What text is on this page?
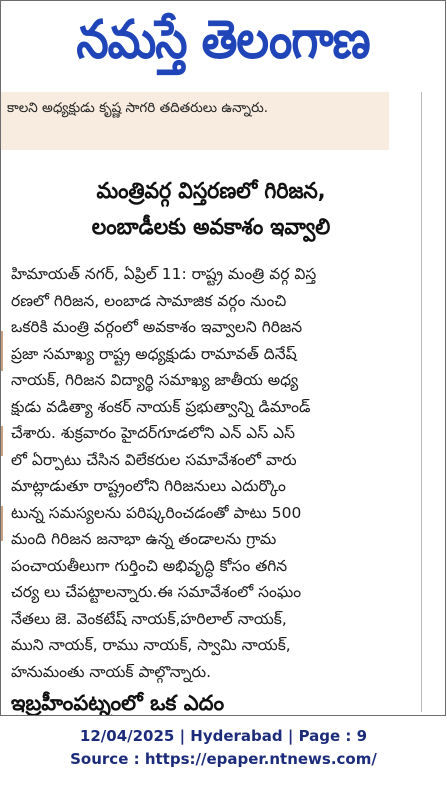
నమస్తే తెలంగాణ
కాలని అధ్యక్షుడు కృష్ణ సాగరి తదితరులు ఉన్నారు.
మంత్రివర్గ విస్తరణలో గిరిజన,
లంబాడీలకు అవకాశం ఇవ్వాలి
హిమాయత్ నగర్, ఏప్రిల్ 11: రాష్ట్ర మంత్రి వర్గ విస్త
రణలో గిరిజన, లంబాడ సామాజిక వర్గం నుంచి
ఒకరికి మంత్రి వర్గంలో అవకాశం ఇవ్వాలని గిరిజన
ప్రజా సమాఖ్య రాష్ట్ర అధ్యక్షుడు రామావత్ దినేష్
నాయక్, గిరిజన విద్యార్థి సమాఖ్య జాతీయ అధ్య
క్షుడు వడిత్యా శంకర్ నాయక్ ప్రభుత్వాన్ని డిమాండ్
చేశారు. శుక్రవారం హైదర్‌గూడలోని ఎన్ ఎస్ ఎస్
లో ఏర్పాటు చేసిన విలేకరుల సమావేశంలో వారు
మాట్లాడుతూ రాష్ట్రంలోని గిరిజనులు ఎదుర్కొం
టున్న సమస్యలను పరిష్కరించడంతో పాటు 500
మంది గిరిజన జనాభా ఉన్న తండాలను గ్రామ
పంచాయతీలుగా గుర్తించి అభివృద్ధి కోసం తగిన
చర్య లు చేపట్టాలన్నారు.ఈ సమావేశంలో సంఘం
నేతలు జె. వెంకటేష్ నాయక్,హరిలాల్ నాయక్,
ముని నాయక్, రాము నాయక్, స్వామి నాయక్,
హనుమంతు నాయక్ పాల్గొన్నారు.
ఇబ్రహీంపట్నంలో ఒక ఎదం
12/04/2025 | Hyderabad | Page : 9
Source : https://epaper.ntnews.com/
